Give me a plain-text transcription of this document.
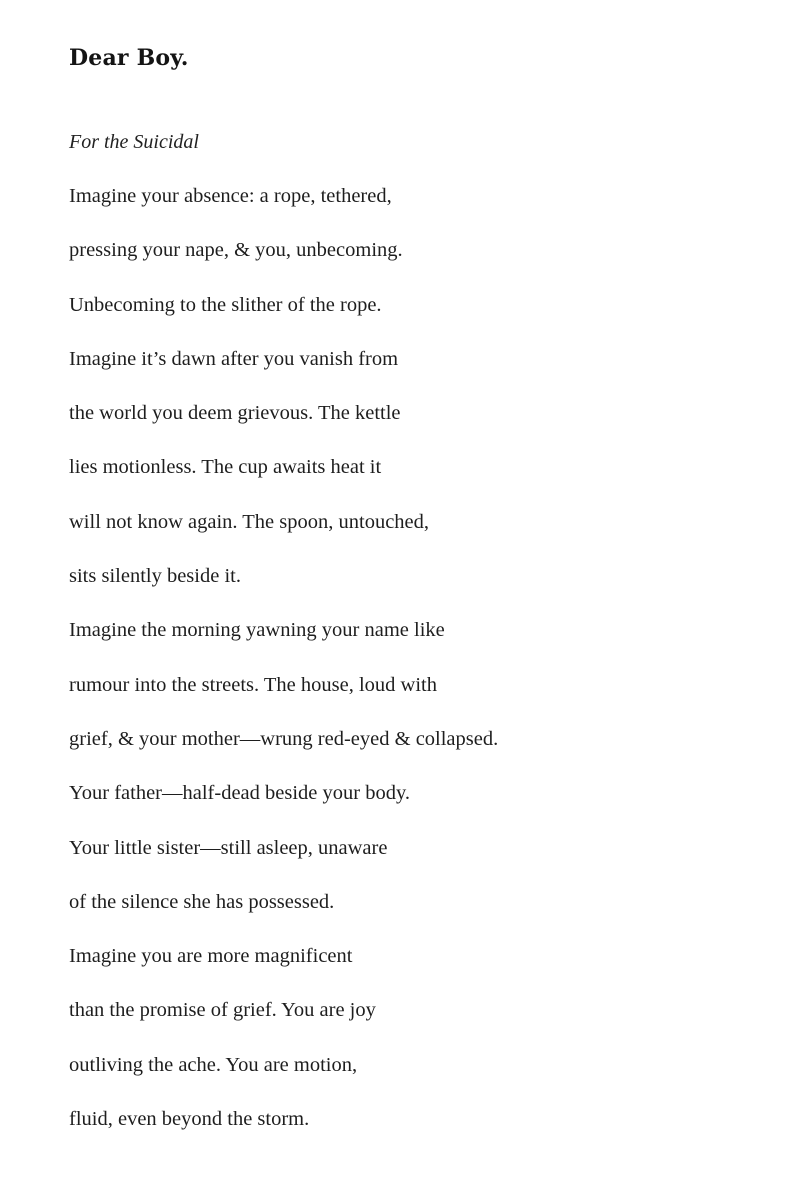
Dear Boy.

For the Suicidal

Imagine your absence: a rope, tethered,
pressing your nape, & you, unbecoming.
Unbecoming to the slither of the rope.
Imagine it’s dawn after you vanish from
the world you deem grievous. The kettle
lies motionless. The cup awaits heat it
will not know again. The spoon, untouched,
sits silently beside it.
Imagine the morning yawning your name like
rumour into the streets. The house, loud with
grief, & your mother—wrung red-eyed & collapsed.
Your father—half-dead beside your body.
Your little sister—still asleep, unaware
of the silence she has possessed.
Imagine you are more magnificent
than the promise of grief. You are joy
outliving the ache. You are motion,
fluid, even beyond the storm.
